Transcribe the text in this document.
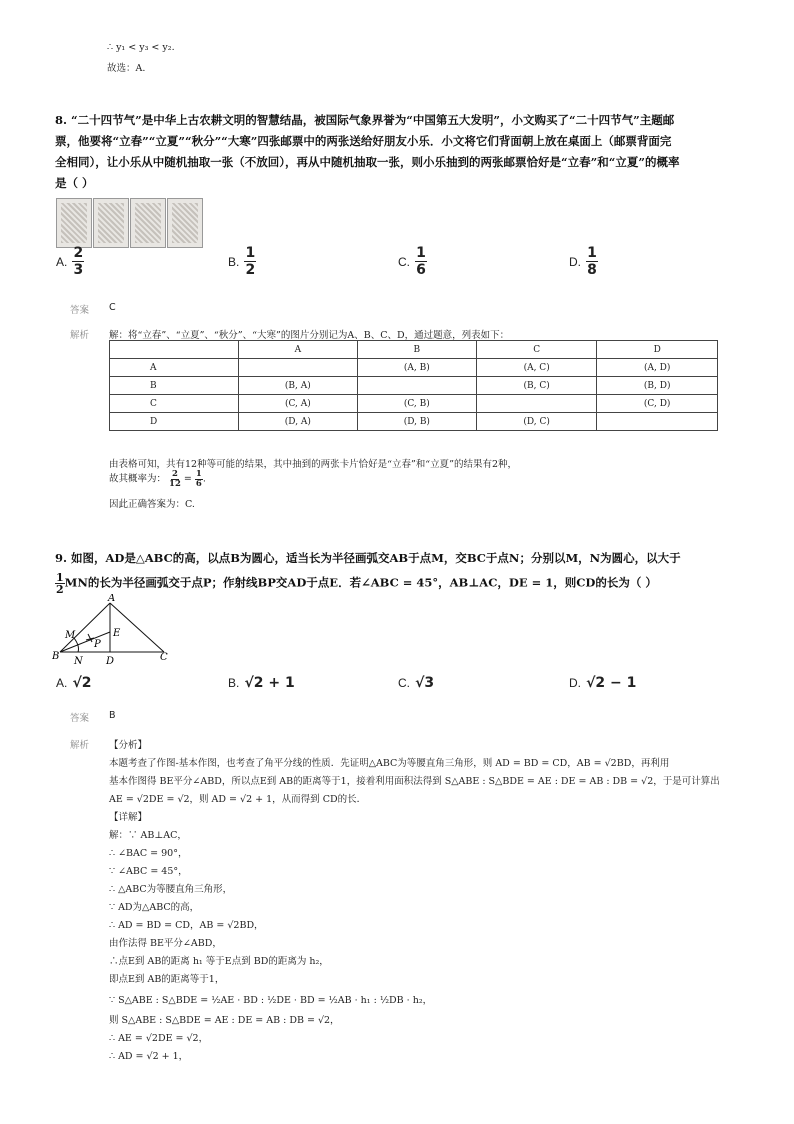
∴ y₁ < y₃ < y₂.
故选：A.
8. “二十四节气”是中华上古农耕文明的智慧结晶，被国际气象界誉为“中国第五大发明”，小文购买了“二十四节气”主题邮
票，他要将“立春”“立夏”“秋分”“大寒”四张邮票中的两张送给好朋友小乐．小文将它们背面朝上放在桌面上（邮票背面完
全相同），让小乐从中随机抽取一张（不放回），再从中随机抽取一张，则小乐抽到的两张邮票恰好是“立春”和“立夏”的概率
是（ ）
A. $\frac{2}{3}$	B. $\frac{1}{2}$	C. $\frac{1}{6}$	D. $\frac{1}{8}$
答案 C
解析 解：将“立春”、“立夏”、“秋分”、“大寒”的图片分别记为A、B、C、D，通过题意，列表如下：
	A	B	C	D
A		(A, B)	(A, C)	(A, D)
B	(B, A)		(B, C)	(B, D)
C	(C, A)	(C, B)		(C, D)
D	(D, A)	(D, B)	(D, C)	
由表格可知，共有12种等可能的结果，其中抽到的两张卡片恰好是“立春”和“立夏”的结果有2种，
故其概率为： $\frac{2}{12} = \frac{1}{6}$ .
因此正确答案为：C.
9. 如图，AD是△ABC的高，以点B为圆心，适当长为半径画弧交AB于点M，交BC于点N；分别以M，N为圆心，以大于
$\frac{1}{2}$ MN的长为半径画弧交于点P；作射线BP交AD于点E．若∠ABC = 45°，AB⊥AC，DE = 1，则CD的长为（ ）
A
M	E
P
B N D	C
A. √2	B. √2 + 1	C. √3	D. √2 − 1
答案 B
解析 【分析】
本题考查了作图-基本作图，也考查了角平分线的性质．先证明△ABC为等腰直角三角形，则 AD = BD = CD，AB = √2BD，再利用
基本作图得 BE平分∠ABD，所以点E到 AB的距离等于1，接着利用面积法得到 S△ABE : S△BDE = AE : DE = AB : DB = √2，于是可计算出
AE = √2DE = √2，则 AD = √2 + 1，从而得到 CD的长．
【详解】
解：∵ AB⊥AC，
∴ ∠BAC = 90°，
∵ ∠ABC = 45°，
∴ △ABC为等腰直角三角形，
∵ AD为△ABC的高，
∴ AD = BD = CD，AB = √2BD，
由作法得 BE平分∠ABD，
∴点E到 AB的距离 h₁ 等于E点到 BD的距离为 h₂，
即点E到 AB的距离等于1，
∵ S△ABE : S△BDE = ½AE · BD : ½DE · BD = ½AB · h₁ : ½DB · h₂，
则 S△ABE : S△BDE = AE : DE = AB : DB = √2，
∴ AE = √2DE = √2，
∴ AD = √2 + 1，
